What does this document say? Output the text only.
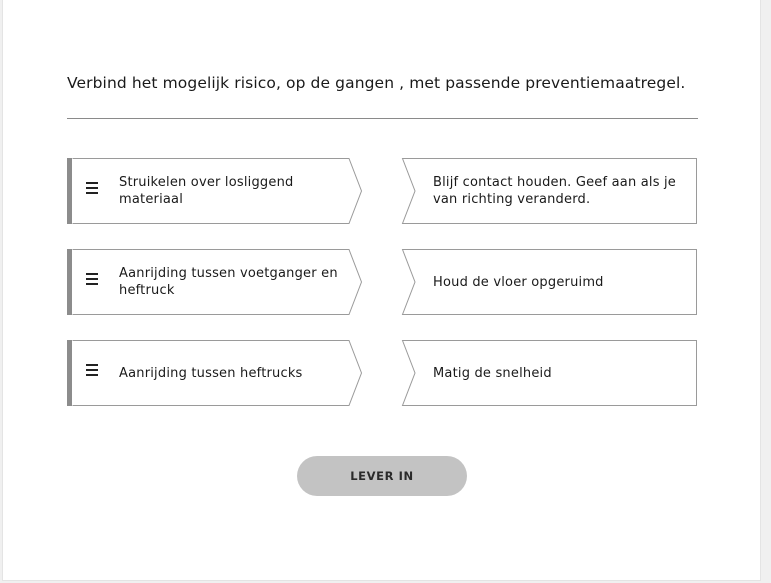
Verbind het mogelijk risico, op de gangen , met passende preventiemaatregel.
Struikelen over losliggend materiaal
Aanrijding tussen voetganger en heftruck
Aanrijding tussen heftrucks
Blijf contact houden. Geef aan als je van richting veranderd.
Houd de vloer opgeruimd
Matig de snelheid
LEVER IN
